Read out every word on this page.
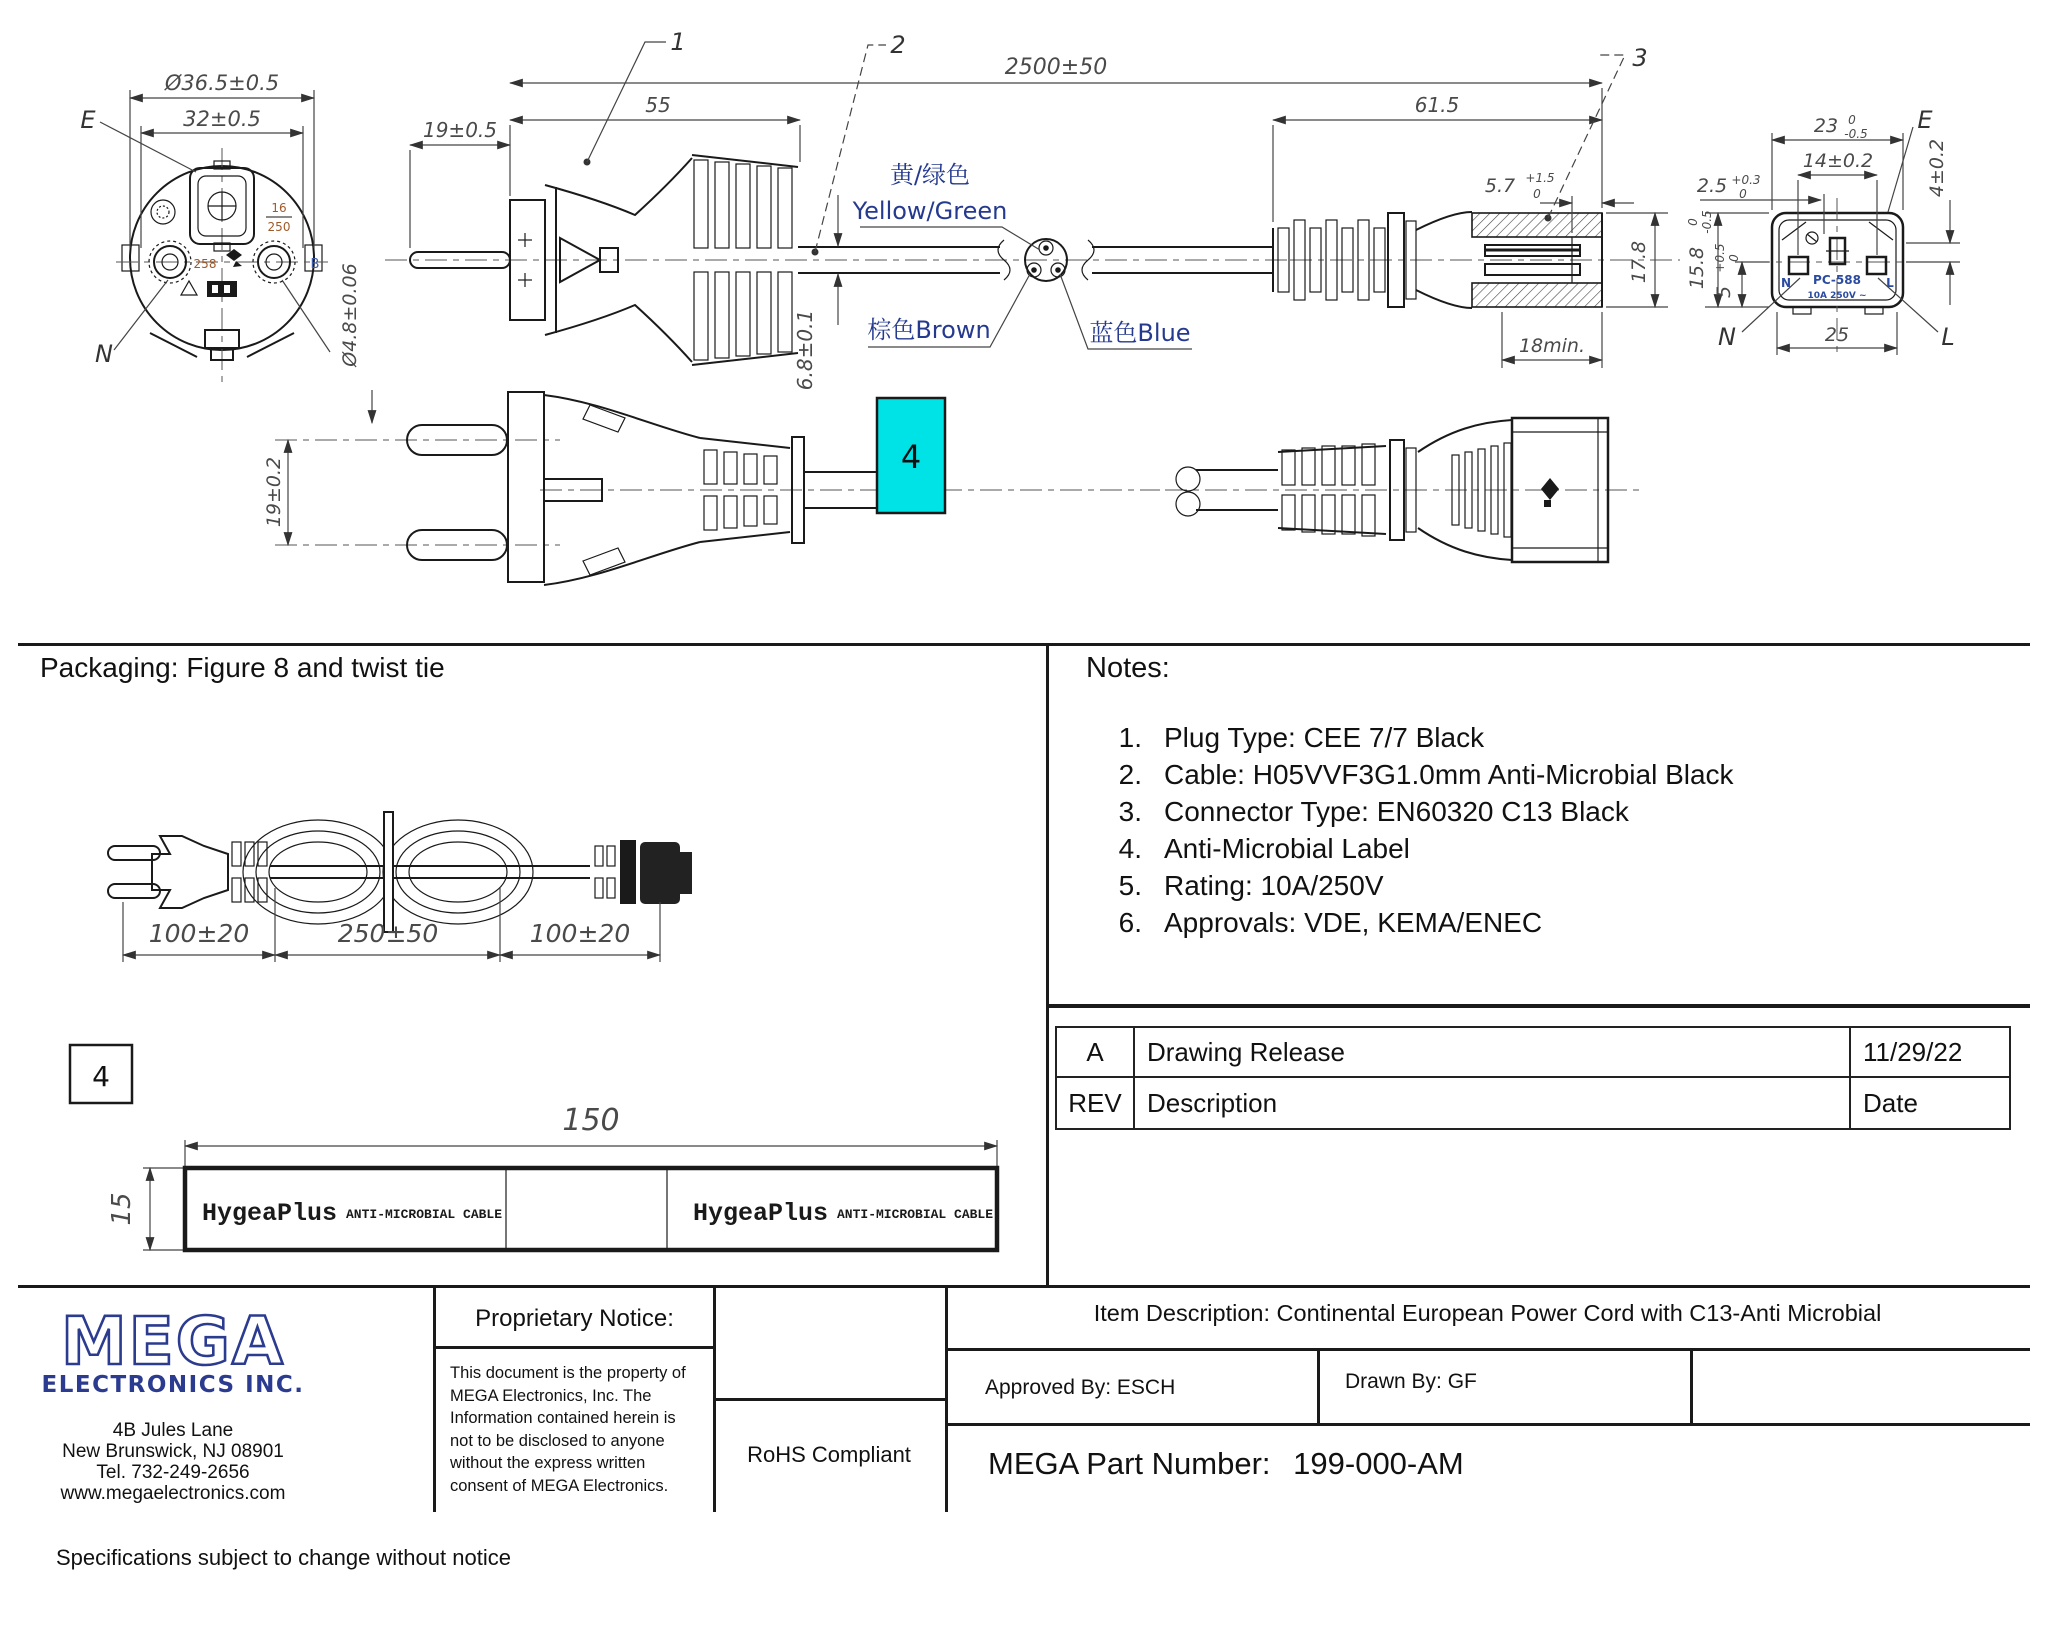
16
250
258	B
Ø36.5±0.5
32±0.5
E
N
19±0.5
55
2500±50
6.8±0.1
1	2
黄/绿色
Yellow/Green
棕色Brown	蓝色Blue
61.5
5.7 +1.5
0
3
17.8
18min.
N PC-588
10A 250V ~
L
23 0
-0.5
14±0.2
2.5 +0.3
0
15.8
0 -0.5
5
+0.5 0
4±0.2
25
E
N	L
4
19±0.2
Ø4.8±0.06
Packaging: Figure 8 and twist tie
100±20	250±50	100±20
4
150
15	HygeaPlus ANTI-MICROBIAL CABLE	HygeaPlus ANTI-MICROBIAL CABLE
Notes:
1. Plug Type: CEE 7/7 Black
2. Cable: H05VVF3G1.0mm Anti-Microbial Black
3. Connector Type: EN60320 C13 Black
4. Anti-Microbial Label
5. Rating: 10A/250V
6. Approvals: VDE, KEMA/ENEC
A	Drawing Release	11/29/22
REV Description	Date
MEGA
ELECTRONICS INC.
4B Jules Lane
New Brunswick, NJ 08901
Tel. 732-249-2656
www.megaelectronics.com
Proprietary Notice:
This document is the property of MEGA Electronics, Inc. The Information contained herein is not to be disclosed to anyone without the express written consent of MEGA Electronics.
RoHS Compliant
Item Description: Continental European Power Cord with C13-Anti Microbial
Approved By: ESCH	Drawn By: GF
MEGA Part Number: 199-000-AM
Specifications subject to change without notice
